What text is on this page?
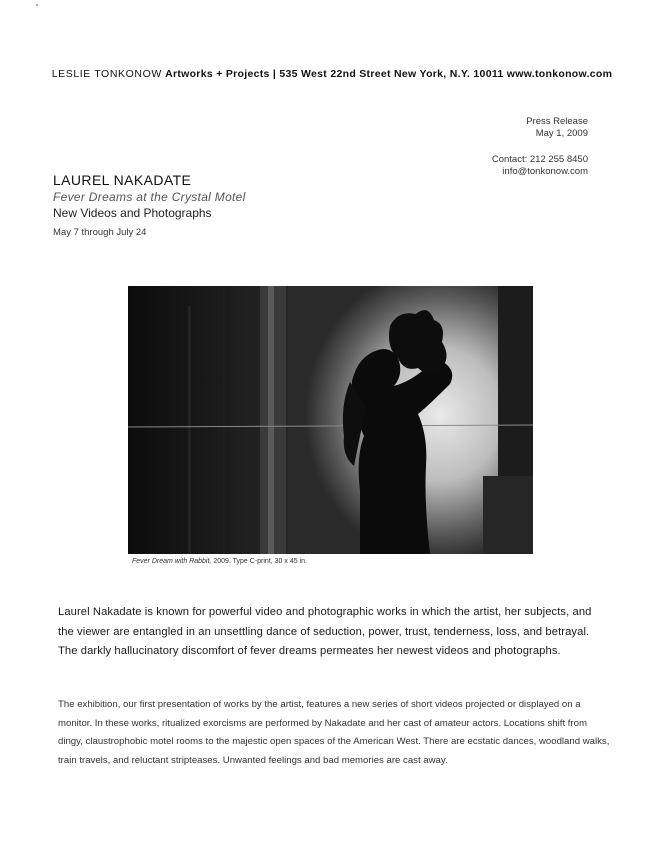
LESLIE TONKONOW Artworks + Projects | 535 West 22nd Street New York, N.Y. 10011 www.tonkonow.com
Press Release
May 1, 2009
Contact: 212 255 8450
info@tonkonow.com
LAUREL NAKADATE
Fever Dreams at the Crystal Motel
New Videos and Photographs
May 7 through July 24
Fever Dream with Rabbit, 2009. Type C-print, 30 x 45 in.
Laurel Nakadate is known for powerful video and photographic works in which the artist, her subjects, and the viewer are entangled in an unsettling dance of seduction, power, trust, tenderness, loss, and betrayal. The darkly hallucinatory discomfort of fever dreams permeates her newest videos and photographs.
The exhibition, our first presentation of works by the artist, features a new series of short videos projected or displayed on a monitor. In these works, ritualized exorcisms are performed by Nakadate and her cast of amateur actors. Locations shift from dingy, claustrophobic motel rooms to the majestic open spaces of the American West. There are ecstatic dances, woodland walks, train travels, and reluctant stripteases. Unwanted feelings and bad memories are cast away.
